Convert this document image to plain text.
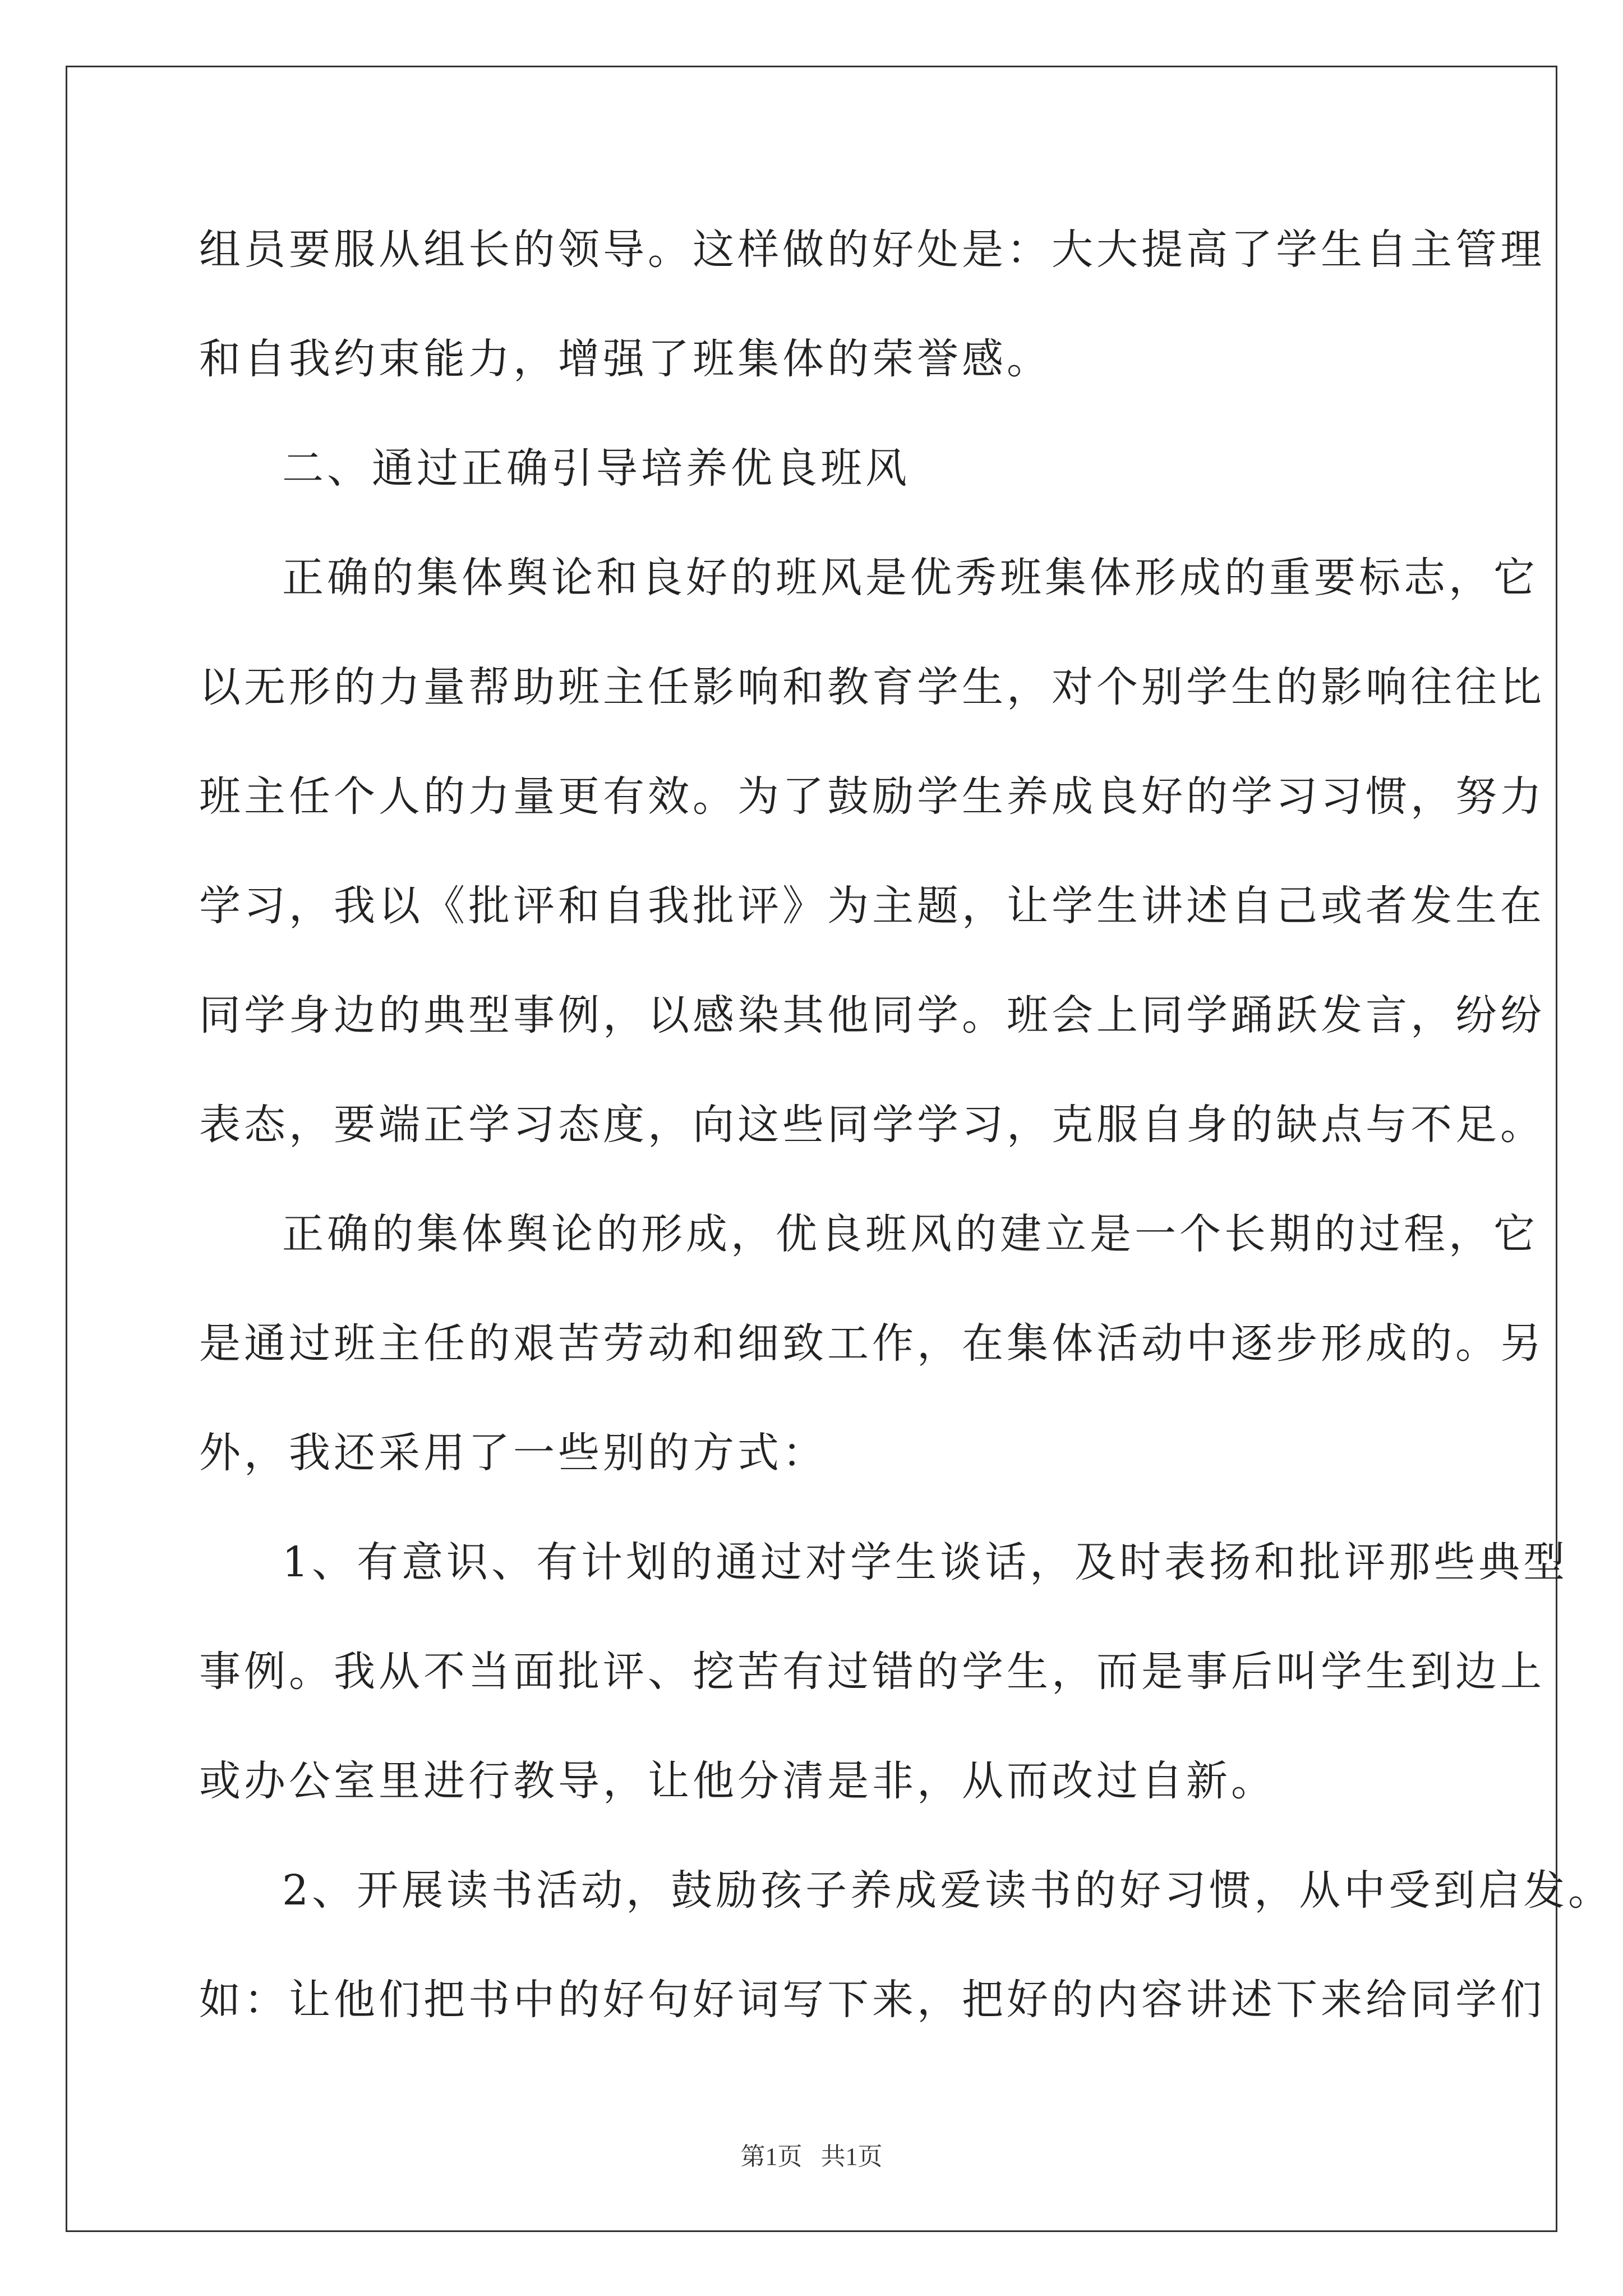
组员要服从组长的领导。这样做的好处是：大大提高了学生自主管理
和自我约束能力，增强了班集体的荣誉感。
二、通过正确引导培养优良班风
正确的集体舆论和良好的班风是优秀班集体形成的重要标志，它
以无形的力量帮助班主任影响和教育学生，对个别学生的影响往往比
班主任个人的力量更有效。为了鼓励学生养成良好的学习习惯，努力
学习，我以《批评和自我批评》为主题，让学生讲述自己或者发生在
同学身边的典型事例，以感染其他同学。班会上同学踊跃发言，纷纷
表态，要端正学习态度，向这些同学学习，克服自身的缺点与不足。
正确的集体舆论的形成，优良班风的建立是一个长期的过程，它
是通过班主任的艰苦劳动和细致工作，在集体活动中逐步形成的。另
外，我还采用了一些别的方式：
1、有意识、有计划的通过对学生谈话，及时表扬和批评那些典型
事例。我从不当面批评、挖苦有过错的学生，而是事后叫学生到边上
或办公室里进行教导，让他分清是非，从而改过自新。
2、开展读书活动，鼓励孩子养成爱读书的好习惯，从中受到启发。
如：让他们把书中的好句好词写下来，把好的内容讲述下来给同学们
第1页   共1页
